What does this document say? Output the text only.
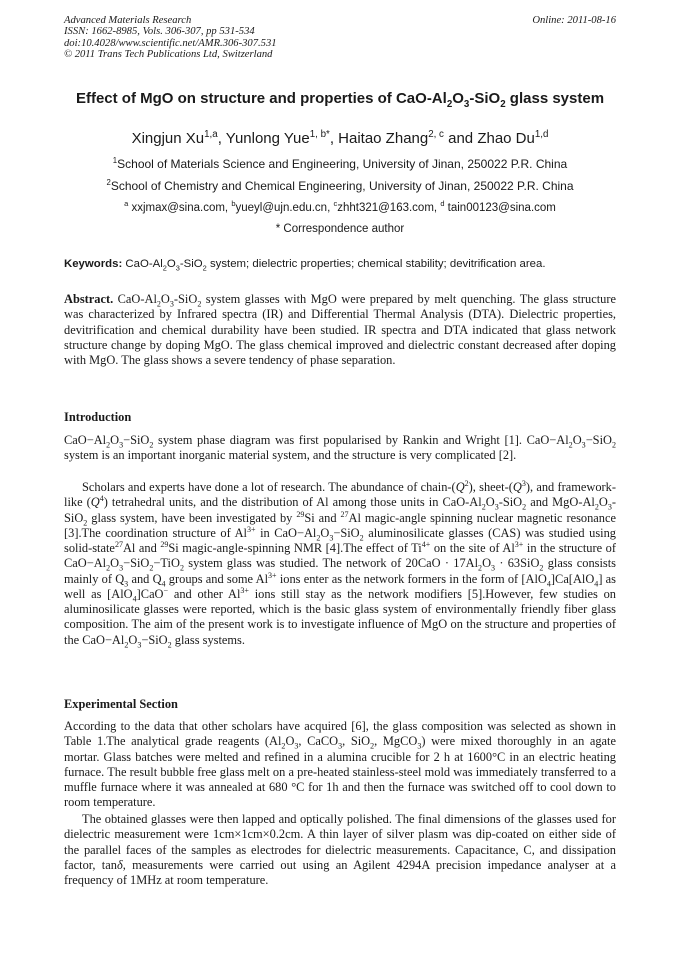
Advanced Materials Research
ISSN: 1662-8985, Vols. 306-307, pp 531-534
doi:10.4028/www.scientific.net/AMR.306-307.531
© 2011 Trans Tech Publications Ltd, Switzerland
Online: 2011-08-16
Effect of MgO on structure and properties of CaO-$Al_2O_3-SiO_2$ glass system
Xingjun Xu$^{1,a}$, Yunlong Yue$^{1, b*}$, Haitao Zhang$^{2, c}$ and Zhao Du$^{1,d}$
$^1$School of Materials Science and Engineering, University of Jinan, 250022 P.R. China
$^2$School of Chemistry and Chemical Engineering, University of Jinan, 250022 P.R. China
$^a$ xxjmax@sina.com, $^b$yueyl@ujn.edu.cn, $^c$zhht321@163.com, $^d$ tain00123@sina.com
* Correspondence author
Keywords: CaO-$Al_2O_3-SiO_2$ system; dielectric properties; chemical stability; devitrification area.
Abstract. CaO-$Al_2O_3-SiO_2$ system glasses with MgO were prepared by melt quenching. The glass structure was characterized by Infrared spectra (IR) and Differential Thermal Analysis (DTA). Dielectric properties, devitrification and chemical durability have been studied. IR spectra and DTA indicated that glass network structure change by doping MgO. The glass chemical improved and dielectric constant decreased after doping with MgO. The glass shows a severe tendency of phase separation.
Introduction
$CaO-Al_2O_3-SiO_2$ system phase diagram was first popularised by Rankin and Wright [1]. $CaO-Al_2O_3-SiO_2$ system is an important inorganic material system, and the structure is very complicated [2].
Scholars and experts have done a lot of research. The abundance of chain-$(Q^2)$, sheet-$(Q^3)$, and framework-like $(Q^4)$ tetrahedral units, and the distribution of Al among those units in CaO-$Al_2O_3-SiO_2$ and MgO-$Al_2O_3-SiO_2$ glass system, have been investigated by $^{29}$Si and $^{27}$Al magic-angle spinning nuclear magnetic resonance [3].The coordination structure of $Al^{3+}$ in $CaO-Al_2O_3-SiO_2$ aluminosilicate glasses (CAS) was studied using solid-state$^{27}$Al and $^{29}$Si magic-angle-spinning NMR [4].The effect of $Ti^{4+}$ on the site of $Al^{3+}$ in the structure of $CaO-Al_2O_3-SiO_2-TiO_2$ system glass was studied. The network of $20CaO \cdot 17Al_2O_3 \cdot 63SiO_2$ glass consists mainly of $Q_3$ and $Q_4$ groups and some $Al^{3+}$ ions enter as the network formers in the form of [AlO$_4$]Ca[AlO$_4$] as well as [AlO$_4$]CaO− and other $Al^{3+}$ ions still stay as the network modifiers [5].However, few studies on aluminosilicate glasses were reported, which is the basic glass system of environmentally friendly fiber glass composition. The aim of the present work is to investigate influence of MgO on the structure and properties of the $CaO-Al_2O_3-SiO_2$ glass systems.
Experimental Section
According to the data that other scholars have acquired [6], the glass composition was selected as shown in Table 1.The analytical grade reagents ($Al_2O_3$, CaCO$_3$, SiO$_2$, MgCO$_3$) were mixed thoroughly in an agate mortar. Glass batches were melted and refined in a alumina crucible for 2 h at 1600°C in an electric heating furnace. The result bubble free glass melt on a pre-heated stainless-steel mold was immediately transferred to a muffle furnace where it was annealed at 680 °C for 1h and then the furnace was switched off to cool down to room temperature.
The obtained glasses were then lapped and optically polished. The final dimensions of the glasses used for dielectric measurement were 1cm×1cm×0.2cm. A thin layer of silver plasm was dip-coated on either side of the parallel faces of the samples as electrodes for dielectric measurements. Capacitance, C, and dissipation factor, tanδ, measurements were carried out using an Agilent 4294A precision impedance analyser at a frequency of 1MHz at room temperature.
